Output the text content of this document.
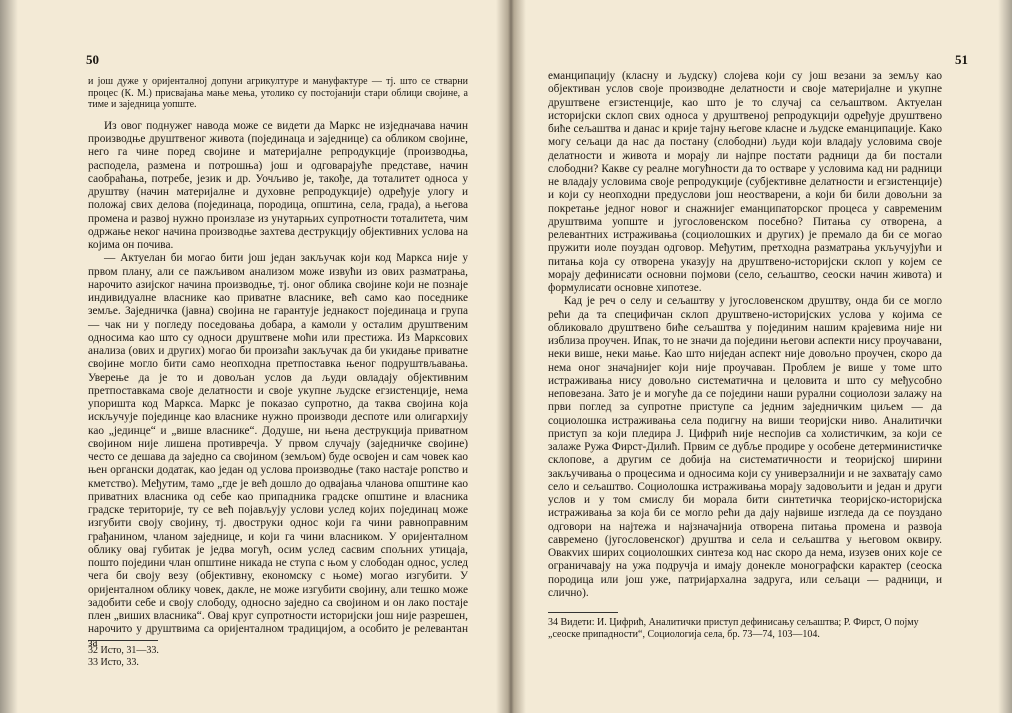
50

и још дуже у оријенталној допуни агрикултуре и мануфактуре — тј. што се стварни процес (К. М.) присвајања мање мења, утолико су постојанији стари облици својине, а тиме и заједница уопште.

Из овог поднужег навода може се видети да Маркс не изједначава начин производње друштвеног живота (појединаца и заједнице) са обликом својине, него га чине поред својине и материјалне репродукције (производња, расподела, размена и потрошња) још и одговарајуће представе, начин саобраћања, потребе, језик и др. Уочљиво је, такође, да тоталитет односа у друштву (начин материјалне и духовне репродукције) одређује улогу и положај свих делова (појединаца, породица, општина, села, града), а његова промена и развој нужно произлазе из унутарњих супротности тоталитета, чим одржање неког начина производње захтева деструкцију објективних услова на којима он почива.

— Актуелан би могао бити још један закључак који код Маркса није у првом плану, али се пажљивом анализом може извући из ових разматрања, нарочито азијског начина производње, тј. оног облика својине који не познаје индивидуалне власнике као приватне власнике, већ само као поседнике земље. Заједничка (јавна) својина не гарантује једнакост појединаца и група — чак ни у погледу поседовања добара, а камоли у осталим друштвеним односима као што су односи друштвене моћи или престижа. Из Марксових анализа (ових и других) могао би произаћи закључак да би укидање приватне својине могло бити само неопходна претпоставка њеног подруштвљавања. Уверење да је то и довољан услов да људи овладају објективним претпоставкама своје делатности и своје укупне људске егзистенције, нема упоришта код Маркса. Маркс је показао супротно, да таква својина која искључује појединце као власнике нужно производи деспоте или олигархију као „јединце“ и „више власнике“. Додуше, ни њена деструкција приватном својином није лишена противречја. У првом случају (заједничке својине) често се дешава да заједно са својином (земљом) буде освојен и сам човек као њен органски додатак, као један од услова производње (тако настаје ропство и кметство). Међутим, тамо „где је већ дошло до одвајања чланова општине као приватних власника од себе као припадника градске општине и власника градске територије, ту се већ појављују услови услед којих појединац може изгубити своју својину, тј. двоструки однос који га чини равноправним грађанином, чланом заједнице, и који га чини власником. У оријенталном облику овај губитак је једва могућ, осим услед сасвим спољних утицаја, пошто поједини члан општине никада не ступа с њом у слободан однос, услед чега би своју везу (објективну, економску с њоме) могао изгубити. У оријенталном облику човек, дакле, не може изгубити својину, али тешко може задобити себе и своју слободу, односно заједно са својином и он лако постаје плен „виших власника“. Овај круг супротности историјски још није разрешен, нарочито у друштвима са оријенталном традицијом, а особито је релевантан за

32 Исто, 31—33.
33 Исто, 33.
51

еманципацију (класну и људску) слојева који су још везани за земљу као објективан услов своје производне делатности и своје материјалне и укупне друштвене егзистенције, као што је то случај са сељаштвом. Актуелан историјски склоп свих односа у друштвеној репродукцији одређује друштвено биће сељаштва и данас и крије тајну његове класне и људске еманципације. Како могу сељаци да нас да постану (слободни) људи који владају условима своје делатности и живота и морају ли најпре постати радници да би постали слободни? Какве су реалне могућности да то остваре у условима кад ни радници не владају условима своје репродукције (субјективне делатности и егзистенције) и који су неопходни предуслови још неостварени, а који би били довољни за покретање једног новог и снажнијег еманципаторског процеса у савременим друштвима уопште и југословенском посебно? Питања су отворена, а релевантних истраживања (социолошких и других) је премало да би се могао пружити иоле поуздан одговор. Међутим, претходна разматрања укључујући и питања која су отворена указују на друштвено-историјски склоп у којем се морају дефинисати основни појмови (село, сељаштво, сеоски начин живота) и формулисати основне хипотезе.

Кад је реч о селу и сељаштву у југословенском друштву, онда би се могло рећи да та специфичан склоп друштвено-историјских услова у којима се обликовало друштвено биће сељаштва у појединим нашим крајевима није ни изблиза проучен. Ипак, то не значи да поједини његови аспекти нису проучавани, неки више, неки мање. Као што ниједан аспект није довољно проучен, скоро да нема оног значајнијег који није проучаван. Проблем је више у томе што истраживања нису довољно систематична и целовита и што су међусобно неповезана. Зато је и могуће да се поједини наши рурални социолози залажу на први поглед за супротне приступе са једним заједничким циљем — да социолошка истраживања села подигну на виши теоријски ниво. Аналитички приступ за који пледира Ј. Цифрић није неспојив са холистичким, за који се залаже Ружа Фирст-Дилић. Првим се дубље продире у особене детерминистичке склопове, а другим се добија на систематичности и теоријској ширини закључивања о процесима и односима који су универзалнији и не захватају само село и сељаштво. Социолошка истраживања морају задовољити и један и други услов и у том смислу би морала бити синтетичка теоријско-историјска истраживања за која би се могло рећи да дају највише изгледа да се поуздано одговори на најтежа и најзначајнија отворена питања промена и развоја савремено (југословенског) друштва и села и сељаштва у његовом оквиру. Овакvих ширих социолошких синтеза код нас скоро да нема, изузев оних које се ограничавају на ужа подручја и имају донекле монографски карактер (сеоска породица или још уже, патријархална задруга, или сељаци — радници, и слично).

34 Видети: И. Цифрић, Аналитички приступ дефинисању сељаштва; Р. Фирст, О појму „сеоске припадности“, Социологија села, бр. 73—74, 103—104.
